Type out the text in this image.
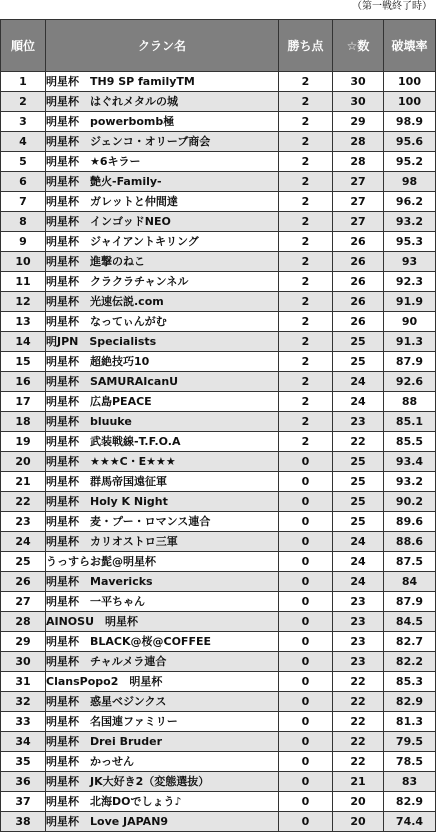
（第一戦終了時）
順位	クラン名	勝ち点	☆数	破壊率
1	明星杯　TH9 SP familyTM	2	30	100
2	明星杯　はぐれメタルの城	2	30	100
3	明星杯　powerbomb極	2	29	98.9
4	明星杯　ジェンコ・オリーブ商会	2	28	95.6
5	明星杯　★6キラー	2	28	95.2
6	明星杯　艶火-Family-	2	27	98
7	明星杯　ガレットと仲間達	2	27	96.2
8	明星杯　インゴッドNEO	2	27	93.2
9	明星杯　ジャイアントキリング	2	26	95.3
10	明星杯　進撃のねこ	2	26	93
11	明星杯　クラクラチャンネル	2	26	92.3
12	明星杯　光速伝説.com	2	26	91.9
13	明星杯　なってぃんがむ	2	26	90
14	明JPN　Specialists	2	25	91.3
15	明星杯　超絶技巧10	2	25	87.9
16	明星杯　SAMURAIcanU	2	24	92.6
17	明星杯　広島PEACE	2	24	88
18	明星杯　bluuke	2	23	85.1
19	明星杯　武装戦線-T.F.O.A	2	22	85.5
20	明星杯　★★★C・E★★★	0	25	93.4
21	明星杯　群馬帝国遠征軍	0	25	93.2
22	明星杯　Holy K Night	0	25	90.2
23	明星杯　麦・プー・ロマンス連合	0	25	89.6
24	明星杯　カリオストロ三軍	0	24	88.6
25	うっすらお髭@明星杯	0	24	87.5
26	明星杯　Mavericks	0	24	84
27	明星杯　一平ちゃん	0	23	87.9
28	AINOSU　明星杯	0	23	84.5
29	明星杯　BLACK@桜@COFFEE	0	23	82.7
30	明星杯　チャルメラ連合	0	23	82.2
31	ClansPopo2　明星杯	0	22	85.3
32	明星杯　惑星ベジンクス	0	22	82.9
33	明星杯　名国連ファミリー	0	22	81.3
34	明星杯　Drei Bruder	0	22	79.5
35	明星杯　かっせん	0	22	78.5
36	明星杯　JK大好き2（変態選抜）	0	21	83
37	明星杯　北海DOでしょう♪	0	20	82.9
38	明星杯　Love JAPAN9	0	20	74.4
